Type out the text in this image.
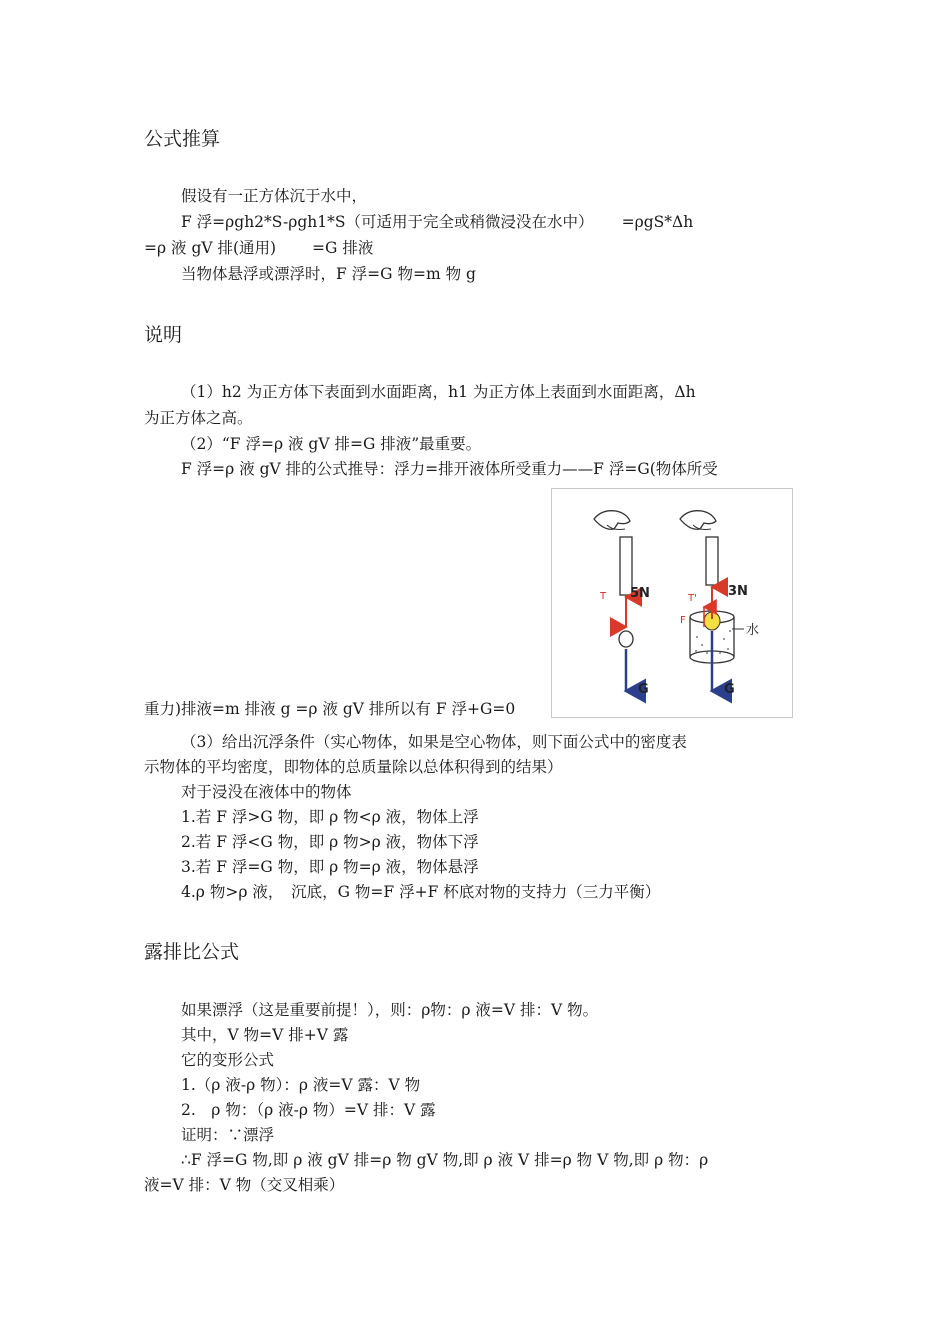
公式推算
假设有一正方体沉于水中，
F 浮=ρgh2*S-ρgh1*S（可适用于完全或稍微浸没在水中）　　 =ρgS*Δh
=ρ 液 gV 排(通用)　　 =G 排液
当物体悬浮或漂浮时，F 浮=G 物=m 物 g
说明
（1）h2 为正方体下表面到水面距离，h1 为正方体上表面到水面距离，Δh
为正方体之高。
（2）“F 浮=ρ 液 gV 排=G 排液”最重要。
F 浮=ρ 液 gV 排的公式推导：浮力=排开液体所受重力——F 浮=G(物体所受
重力)排液=m 排液 g =ρ 液 gV 排所以有 F 浮+G=0
5N
T
G
3N
T'
F
水
G
（3）给出沉浮条件（实心物体，如果是空心物体，则下面公式中的密度表
示物体的平均密度，即物体的总质量除以总体积得到的结果）
对于浸没在液体中的物体
1.若 F 浮>G 物，即 ρ 物<ρ 液，物体上浮
2.若 F 浮<G 物，即 ρ 物>ρ 液，物体下浮
3.若 F 浮=G 物，即 ρ 物=ρ 液，物体悬浮
4.ρ 物>ρ 液，　沉底，G 物=F 浮+F 杯底对物的支持力（三力平衡）
露排比公式
如果漂浮（这是重要前提！），则：ρ物：ρ 液=V 排：V 物。
其中，V 物=V 排+V 露
它的变形公式
1.（ρ 液-ρ 物）：ρ 液=V 露：V 物
2.　ρ 物：（ρ 液-ρ 物）=V 排：V 露
证明：∵漂浮
∴F 浮=G 物,即 ρ 液 gV 排=ρ 物 gV 物,即 ρ 液 V 排=ρ 物 V 物,即 ρ 物：ρ
液=V 排：V 物（交叉相乘）
